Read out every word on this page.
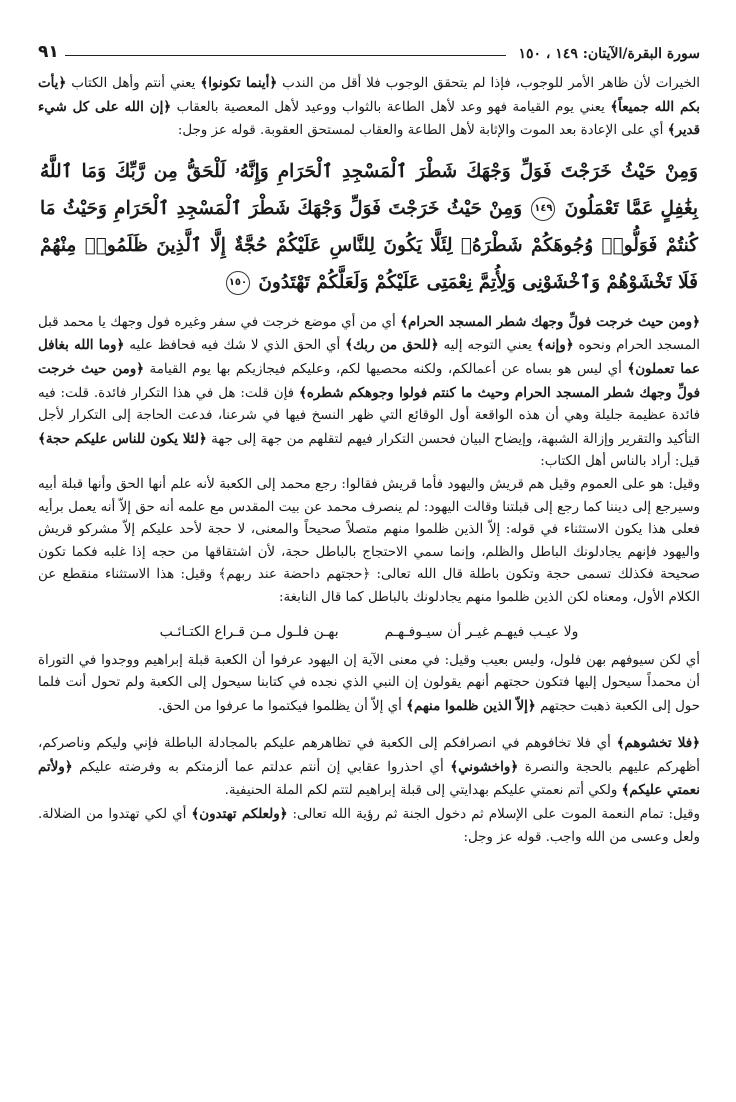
سورة البقرة/الآيتان: ١٤٩ ، ١٥٠
٩١

الخيرات لأن ظاهر الأمر للوجوب، فإذا لم يتحقق الوجوب فلا أقل من الندب ﴿أينما تكونوا﴾ يعني أنتم وأهل الكتاب ﴿يأت بكم الله جميعاً﴾ يعني يوم القيامة فهو وعد لأهل الطاعة بالثواب ووعيد لأهل المعصية بالعقاب ﴿إن الله على كل شيء قدير﴾ أي على الإعادة بعد الموت والإثابة لأهل الطاعة والعقاب لمستحق العقوبة. قوله عز وجل:

وَمِنْ حَيْثُ خَرَجْتَ فَوَلِّ وَجْهَكَ شَطْرَ ٱلْمَسْجِدِ ٱلْحَرَامِ وَإِنَّهُۥ لَلْحَقُّ مِن رَّبِّكَ وَمَا ٱللَّهُ بِغَٰفِلٍ عَمَّا تَعْمَلُونَ ١٤٩ وَمِنْ حَيْثُ خَرَجْتَ فَوَلِّ وَجْهَكَ شَطْرَ ٱلْمَسْجِدِ ٱلْحَرَامِ وَحَيْثُ مَا كُنتُمْ فَوَلُّوا۟ وُجُوهَكُمْ شَطْرَهُۥ لِئَلَّا يَكُونَ لِلنَّاسِ عَلَيْكُمْ حُجَّةٌ إِلَّا ٱلَّذِينَ ظَلَمُوا۟ مِنْهُمْ فَلَا تَخْشَوْهُمْ وَٱخْشَوْنِى وَلِأُتِمَّ نِعْمَتِى عَلَيْكُمْ وَلَعَلَّكُمْ تَهْتَدُونَ ١٥٠

﴿ومن حيث خرجت فولِّ وجهك شطر المسجد الحرام﴾ أي من أي موضع خرجت في سفر وغيره فول وجهك يا محمد قبل المسجد الحرام ونحوه ﴿وإنه﴾ يعني التوجه إليه ﴿للحق من ربك﴾ أي الحق الذي لا شك فيه فحافظ عليه ﴿وما الله بغافل عما تعملون﴾ أي ليس هو بساه عن أعمالكم، ولكنه محصيها لكم، وعليكم فيجازيكم بها يوم القيامة ﴿ومن حيث خرجت فولِّ وجهك شطر المسجد الحرام وحيث ما كنتم فولوا وجوهكم شطره﴾ فإن قلت: هل في هذا التكرار فائدة. قلت: فيه فائدة عظيمة جليلة وهي أن هذه الواقعة أول الوقائع التي ظهر النسخ فيها في شرعنا، فدعت الحاجة إلى التكرار لأجل التأكيد والتقرير وإزالة الشبهة، وإيضاح البيان فحسن التكرار فيهم لتقلهم من جهة إلى جهة ﴿لئلا يكون للناس عليكم حجة﴾ قيل: أراد بالناس أهل الكتاب:

وقيل: هو على العموم وقيل هم قريش واليهود فأما قريش فقالوا: رجع محمد إلى الكعبة لأنه علم أنها الحق وأنها قبلة أبيه وسيرجع إلى ديننا كما رجع إلى قبلتنا وقالت اليهود: لم ينصرف محمد عن بيت المقدس مع علمه أنه حق إلاّ أنه يعمل برأيه فعلى هذا يكون الاستثناء في قوله: إلاّ الذين ظلموا منهم متصلاً صحيحاً والمعنى، لا حجة لأحد عليكم إلاّ مشركو قريش واليهود فإنهم يجادلونك الباطل والظلم، وإنما سمي الاحتجاج بالباطل حجة، لأن اشتقاقها من حجه إذا غلبه فكما تكون صحيحة فكذلك تسمى حجة وتكون باطلة قال الله تعالى: ﴿حجتهم داحضة عند ربهم﴾ وقيل: هذا الاستثناء منقطع عن الكلام الأول، ومعناه لكن الذين ظلموا منهم يجادلونك بالباطل كما قال النابغة:

ولا عيـب فيهـم غيـر أن سيـوفـهـم
بهـن فلـول مـن قـراع الكتـائـب

أي لكن سيوفهم بهن فلول، وليس بعيب وقيل: في معنى الآية إن اليهود عرفوا أن الكعبة قبلة إبراهيم ووجدوا في التوراة أن محمداً سيحول إليها فتكون حجتهم أنهم يقولون إن النبي الذي نجده في كتابنا سيحول إلى الكعبة ولم تحول أنت فلما حول إلى الكعبة ذهبت حجتهم ﴿إلاّ الذين ظلموا منهم﴾ أي إلاّ أن يظلموا فيكتموا ما عرفوا من الحق.

﴿فلا تخشوهم﴾ أي فلا تخافوهم في انصرافكم إلى الكعبة في تظاهرهم عليكم بالمجادلة الباطلة فإني وليكم وناصركم، أظهركم عليهم بالحجة والنصرة ﴿واخشوني﴾ أي احذروا عقابي إن أنتم عدلتم عما ألزمتكم به وفرضته عليكم ﴿ولأتم نعمتي عليكم﴾ ولكي أتم نعمتي عليكم بهدايتي إلى قبلة إبراهيم لتتم لكم الملة الحنيفية.

وقيل: تمام النعمة الموت على الإسلام ثم دخول الجنة ثم رؤية الله تعالى: ﴿ولعلكم تهتدون﴾ أي لكي تهتدوا من الضلالة. ولعل وعسى من الله واجب. قوله عز وجل:
